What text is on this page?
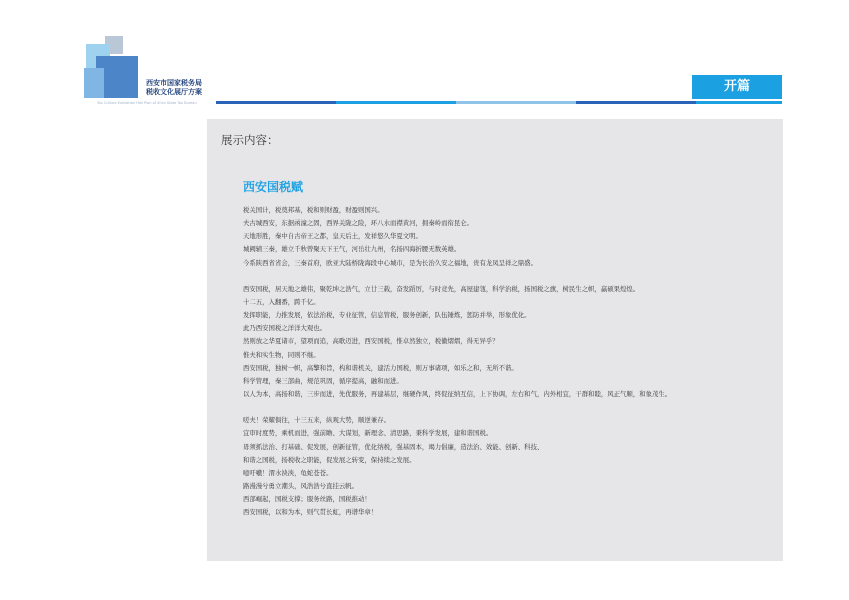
西安市国家税务局
税收文化展厅方案
Tax Culture Exhibition Hall Plan of Xi'an State Tax Bureau
开篇
展示内容：
西安国税赋
税关国计，税奠邦基，税和则财盈，财盈则国兴。
夫古城西安，东据函潼之固，西界关陇之险，环八水而襟黄河，拥秦岭而衔昆仑。
天地形胜，秦中自古帝王之都，皇天后土，发祥悠久华夏文明。
城阙辅三秦，雄立千秋曾聚天下王气，河岳壮九州，名扬四海折腰无数英雄。
今系陕西省省会，三秦首府，欧亚大陆桥陇海段中心城市，是为长治久安之福地，贵有龙凤呈祥之鼎盛。
西安国税，居天地之雄伟，聚乾坤之浩气，立廿三载，奋发蹈厉，与时竞先，高屋建瓴，科学治税，扬国税之旗，树民生之帜，赢硕果煌煌。
十二五，入翻番，跨千亿。
发挥职能，力推发展，依法治税，专业征管，信息管税，服务创新，队伍锤炼，惩防并举，形象优化。
此乃西安国税之洋洋大观也。
然则放之华夏诸市，望项而追，高歌迈进，西安国税，惟卓然独立，税徽熠熠，得无异乎？
惟夫和实生物，同则不继。
西安国税，独树一帜，高擎和旨，构和谐机关，建活力国税，则万事诸项，如乐之和，无所不谐。
科学管理，秦三部曲，规范巩固，循序提高，融和而进。
以人为本，高扬和谐，三步而进，先优服务，再建基层，继硬作风，终促征纳互信，上下协调，左右和气，内外相宜，干群和睦，风正气顺，和象茂生。
嗟夫！荣耀俱往，十三五来，纵观大势，顺逆兼存。
宜审时度势，乘机而进，强前瞻、大谋划，新理念、清思路，秉科学发展，建和谐国税。
毋须抓法治、打基础、促发展，创新征管，优化纳税，强基固本，竭力倡廉，造法治、效能、创新、科技、
和谐之国税，扬税收之职能，促发展之转变，保持续之发展。
噫吁嚱！渭水泱泱，龟蛇苍苍。
路漫漫兮勇立潮头，风浩浩兮直挂云帆。
西部崛起，国税支撑；服务丝路，国税推动！
西安国税，以和为本，则气贯长虹，再谱华章！
